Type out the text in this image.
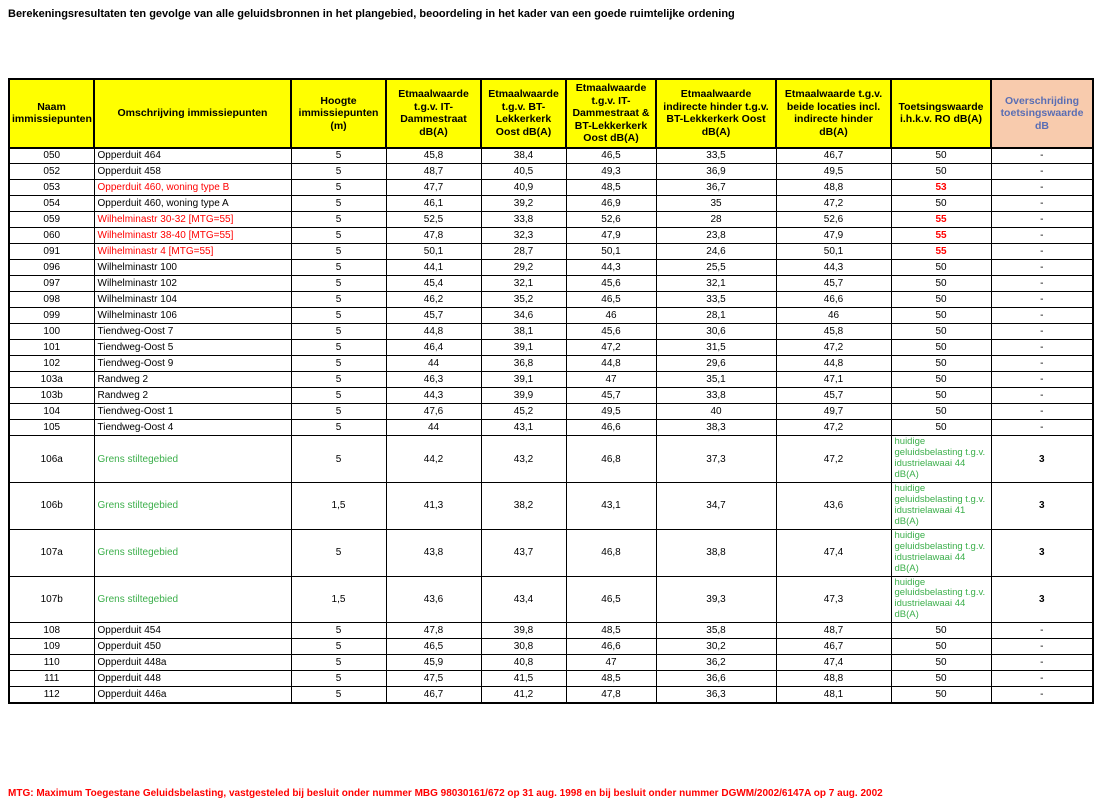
Berekeningsresultaten ten gevolge van alle geluidsbronnen in het plangebied, beoordeling in het kader van een goede ruimtelijke ordening
Naam immissiepunten	Omschrijving immissiepunten	Hoogte immissiepunten (m)	Etmaalwaarde t.g.v. IT-Dammestraat dB(A)	Etmaalwaarde t.g.v. BT-Lekkerkerk Oost dB(A)	Etmaalwaarde t.g.v. IT-Dammestraat & BT-Lekkerkerk Oost dB(A)	Etmaalwaarde indirecte hinder t.g.v. BT-Lekkerkerk Oost dB(A)	Etmaalwaarde t.g.v. beide locaties incl. indirecte hinder dB(A)	Toetsingswaarde i.h.k.v. RO dB(A)	Overschrijding toetsingswaarde dB
050	Opperduit 464	5	45,8	38,4	46,5	33,5	46,7	50	-
052	Opperduit 458	5	48,7	40,5	49,3	36,9	49,5	50	-
053	Opperduit 460, woning type B	5	47,7	40,9	48,5	36,7	48,8	53	-
054	Opperduit 460, woning type A	5	46,1	39,2	46,9	35	47,2	50	-
059	Wilhelminastr 30-32 [MTG=55]	5	52,5	33,8	52,6	28	52,6	55	-
060	Wilhelminastr 38-40 [MTG=55]	5	47,8	32,3	47,9	23,8	47,9	55	-
091	Wilhelminastr 4 [MTG=55]	5	50,1	28,7	50,1	24,6	50,1	55	-
096	Wilhelminastr 100	5	44,1	29,2	44,3	25,5	44,3	50	-
097	Wilhelminastr 102	5	45,4	32,1	45,6	32,1	45,7	50	-
098	Wilhelminastr 104	5	46,2	35,2	46,5	33,5	46,6	50	-
099	Wilhelminastr 106	5	45,7	34,6	46	28,1	46	50	-
100	Tiendweg-Oost 7	5	44,8	38,1	45,6	30,6	45,8	50	-
101	Tiendweg-Oost 5	5	46,4	39,1	47,2	31,5	47,2	50	-
102	Tiendweg-Oost 9	5	44	36,8	44,8	29,6	44,8	50	-
103a	Randweg 2	5	46,3	39,1	47	35,1	47,1	50	-
103b	Randweg 2	5	44,3	39,9	45,7	33,8	45,7	50	-
104	Tiendweg-Oost 1	5	47,6	45,2	49,5	40	49,7	50	-
105	Tiendweg-Oost 4	5	44	43,1	46,6	38,3	47,2	50	-
106a	Grens stiltegebied	5	44,2	43,2	46,8	37,3	47,2	huidige geluidsbelasting t.g.v. idustrielawaai 44 dB(A)	3
106b	Grens stiltegebied	1,5	41,3	38,2	43,1	34,7	43,6	huidige geluidsbelasting t.g.v. idustrielawaai 41 dB(A)	3
107a	Grens stiltegebied	5	43,8	43,7	46,8	38,8	47,4	huidige geluidsbelasting t.g.v. idustrielawaai 44 dB(A)	3
107b	Grens stiltegebied	1,5	43,6	43,4	46,5	39,3	47,3	huidige geluidsbelasting t.g.v. idustrielawaai 44 dB(A)	3
108	Opperduit 454	5	47,8	39,8	48,5	35,8	48,7	50	-
109	Opperduit 450	5	46,5	30,8	46,6	30,2	46,7	50	-
110	Opperduit 448a	5	45,9	40,8	47	36,2	47,4	50	-
111	Opperduit 448	5	47,5	41,5	48,5	36,6	48,8	50	-
112	Opperduit 446a	5	46,7	41,2	47,8	36,3	48,1	50	-
MTG: Maximum Toegestane Geluidsbelasting, vastgesteled bij besluit onder nummer MBG 98030161/672 op 31 aug. 1998 en bij besluit onder nummer DGWM/2002/6147A op 7 aug. 2002
